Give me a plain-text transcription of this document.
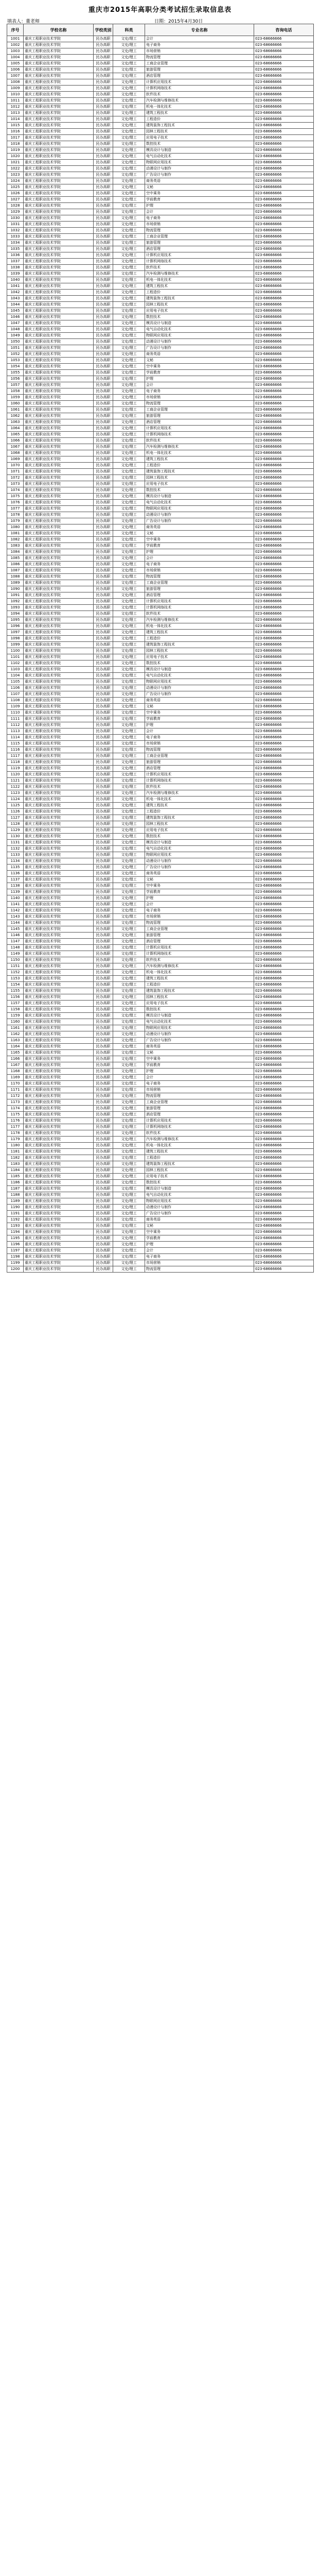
重庆市2015年高职分类考试招生录取信息表
填表人：董老师	日期：2015年4月30日
序号	学校名称	学校类别	科类	专业名称	咨询电话
1001	重庆工程职业技术学院	民办高职	文史/理工	会计	023-68666666
1002	重庆工程职业技术学院	民办高职	文史/理工	电子商务	023-68666666
1003	重庆工程职业技术学院	民办高职	文史/理工	市场营销	023-68666666
1004	重庆工程职业技术学院	民办高职	文史/理工	物流管理	023-68666666
1005	重庆工程职业技术学院	民办高职	文史/理工	工商企业管理	023-68666666
1006	重庆工程职业技术学院	民办高职	文史/理工	旅游管理	023-68666666
1007	重庆工程职业技术学院	民办高职	文史/理工	酒店管理	023-68666666
1008	重庆工程职业技术学院	民办高职	文史/理工	计算机应用技术	023-68666666
1009	重庆工程职业技术学院	民办高职	文史/理工	计算机网络技术	023-68666666
1010	重庆工程职业技术学院	民办高职	文史/理工	软件技术	023-68666666
1011	重庆工程职业技术学院	民办高职	文史/理工	汽车检测与维修技术	023-68666666
1012	重庆工程职业技术学院	民办高职	文史/理工	机电一体化技术	023-68666666
1013	重庆工程职业技术学院	民办高职	文史/理工	建筑工程技术	023-68666666
1014	重庆工程职业技术学院	民办高职	文史/理工	工程造价	023-68666666
1015	重庆工程职业技术学院	民办高职	文史/理工	建筑装饰工程技术	023-68666666
1016	重庆工程职业技术学院	民办高职	文史/理工	园林工程技术	023-68666666
1017	重庆工程职业技术学院	民办高职	文史/理工	应用电子技术	023-68666666
1018	重庆工程职业技术学院	民办高职	文史/理工	数控技术	023-68666666
1019	重庆工程职业技术学院	民办高职	文史/理工	模具设计与制造	023-68666666
1020	重庆工程职业技术学院	民办高职	文史/理工	电气自动化技术	023-68666666
1021	重庆工程职业技术学院	民办高职	文史/理工	物联网应用技术	023-68666666
1022	重庆工程职业技术学院	民办高职	文史/理工	动漫设计与制作	023-68666666
1023	重庆工程职业技术学院	民办高职	文史/理工	广告设计与制作	023-68666666
1024	重庆工程职业技术学院	民办高职	文史/理工	商务英语	023-68666666
1025	重庆工程职业技术学院	民办高职	文史/理工	文秘	023-68666666
1026	重庆工程职业技术学院	民办高职	文史/理工	空中乘务	023-68666666
1027	重庆工程职业技术学院	民办高职	文史/理工	学前教育	023-68666666
1028	重庆工程职业技术学院	民办高职	文史/理工	护理	023-68666666
1029	重庆工程职业技术学院	民办高职	文史/理工	会计	023-68666666
1030	重庆工程职业技术学院	民办高职	文史/理工	电子商务	023-68666666
1031	重庆工程职业技术学院	民办高职	文史/理工	市场营销	023-68666666
1032	重庆工程职业技术学院	民办高职	文史/理工	物流管理	023-68666666
1033	重庆工程职业技术学院	民办高职	文史/理工	工商企业管理	023-68666666
1034	重庆工程职业技术学院	民办高职	文史/理工	旅游管理	023-68666666
1035	重庆工程职业技术学院	民办高职	文史/理工	酒店管理	023-68666666
1036	重庆工程职业技术学院	民办高职	文史/理工	计算机应用技术	023-68666666
1037	重庆工程职业技术学院	民办高职	文史/理工	计算机网络技术	023-68666666
1038	重庆工程职业技术学院	民办高职	文史/理工	软件技术	023-68666666
1039	重庆工程职业技术学院	民办高职	文史/理工	汽车检测与维修技术	023-68666666
1040	重庆工程职业技术学院	民办高职	文史/理工	机电一体化技术	023-68666666
1041	重庆工程职业技术学院	民办高职	文史/理工	建筑工程技术	023-68666666
1042	重庆工程职业技术学院	民办高职	文史/理工	工程造价	023-68666666
1043	重庆工程职业技术学院	民办高职	文史/理工	建筑装饰工程技术	023-68666666
1044	重庆工程职业技术学院	民办高职	文史/理工	园林工程技术	023-68666666
1045	重庆工程职业技术学院	民办高职	文史/理工	应用电子技术	023-68666666
1046	重庆工程职业技术学院	民办高职	文史/理工	数控技术	023-68666666
1047	重庆工程职业技术学院	民办高职	文史/理工	模具设计与制造	023-68666666
1048	重庆工程职业技术学院	民办高职	文史/理工	电气自动化技术	023-68666666
1049	重庆工程职业技术学院	民办高职	文史/理工	物联网应用技术	023-68666666
1050	重庆工程职业技术学院	民办高职	文史/理工	动漫设计与制作	023-68666666
1051	重庆工程职业技术学院	民办高职	文史/理工	广告设计与制作	023-68666666
1052	重庆工程职业技术学院	民办高职	文史/理工	商务英语	023-68666666
1053	重庆工程职业技术学院	民办高职	文史/理工	文秘	023-68666666
1054	重庆工程职业技术学院	民办高职	文史/理工	空中乘务	023-68666666
1055	重庆工程职业技术学院	民办高职	文史/理工	学前教育	023-68666666
1056	重庆工程职业技术学院	民办高职	文史/理工	护理	023-68666666
1057	重庆工程职业技术学院	民办高职	文史/理工	会计	023-68666666
1058	重庆工程职业技术学院	民办高职	文史/理工	电子商务	023-68666666
1059	重庆工程职业技术学院	民办高职	文史/理工	市场营销	023-68666666
1060	重庆工程职业技术学院	民办高职	文史/理工	物流管理	023-68666666
1061	重庆工程职业技术学院	民办高职	文史/理工	工商企业管理	023-68666666
1062	重庆工程职业技术学院	民办高职	文史/理工	旅游管理	023-68666666
1063	重庆工程职业技术学院	民办高职	文史/理工	酒店管理	023-68666666
1064	重庆工程职业技术学院	民办高职	文史/理工	计算机应用技术	023-68666666
1065	重庆工程职业技术学院	民办高职	文史/理工	计算机网络技术	023-68666666
1066	重庆工程职业技术学院	民办高职	文史/理工	软件技术	023-68666666
1067	重庆工程职业技术学院	民办高职	文史/理工	汽车检测与维修技术	023-68666666
1068	重庆工程职业技术学院	民办高职	文史/理工	机电一体化技术	023-68666666
1069	重庆工程职业技术学院	民办高职	文史/理工	建筑工程技术	023-68666666
1070	重庆工程职业技术学院	民办高职	文史/理工	工程造价	023-68666666
1071	重庆工程职业技术学院	民办高职	文史/理工	建筑装饰工程技术	023-68666666
1072	重庆工程职业技术学院	民办高职	文史/理工	园林工程技术	023-68666666
1073	重庆工程职业技术学院	民办高职	文史/理工	应用电子技术	023-68666666
1074	重庆工程职业技术学院	民办高职	文史/理工	数控技术	023-68666666
1075	重庆工程职业技术学院	民办高职	文史/理工	模具设计与制造	023-68666666
1076	重庆工程职业技术学院	民办高职	文史/理工	电气自动化技术	023-68666666
1077	重庆工程职业技术学院	民办高职	文史/理工	物联网应用技术	023-68666666
1078	重庆工程职业技术学院	民办高职	文史/理工	动漫设计与制作	023-68666666
1079	重庆工程职业技术学院	民办高职	文史/理工	广告设计与制作	023-68666666
1080	重庆工程职业技术学院	民办高职	文史/理工	商务英语	023-68666666
1081	重庆工程职业技术学院	民办高职	文史/理工	文秘	023-68666666
1082	重庆工程职业技术学院	民办高职	文史/理工	空中乘务	023-68666666
1083	重庆工程职业技术学院	民办高职	文史/理工	学前教育	023-68666666
1084	重庆工程职业技术学院	民办高职	文史/理工	护理	023-68666666
1085	重庆工程职业技术学院	民办高职	文史/理工	会计	023-68666666
1086	重庆工程职业技术学院	民办高职	文史/理工	电子商务	023-68666666
1087	重庆工程职业技术学院	民办高职	文史/理工	市场营销	023-68666666
1088	重庆工程职业技术学院	民办高职	文史/理工	物流管理	023-68666666
1089	重庆工程职业技术学院	民办高职	文史/理工	工商企业管理	023-68666666
1090	重庆工程职业技术学院	民办高职	文史/理工	旅游管理	023-68666666
1091	重庆工程职业技术学院	民办高职	文史/理工	酒店管理	023-68666666
1092	重庆工程职业技术学院	民办高职	文史/理工	计算机应用技术	023-68666666
1093	重庆工程职业技术学院	民办高职	文史/理工	计算机网络技术	023-68666666
1094	重庆工程职业技术学院	民办高职	文史/理工	软件技术	023-68666666
1095	重庆工程职业技术学院	民办高职	文史/理工	汽车检测与维修技术	023-68666666
1096	重庆工程职业技术学院	民办高职	文史/理工	机电一体化技术	023-68666666
1097	重庆工程职业技术学院	民办高职	文史/理工	建筑工程技术	023-68666666
1098	重庆工程职业技术学院	民办高职	文史/理工	工程造价	023-68666666
1099	重庆工程职业技术学院	民办高职	文史/理工	建筑装饰工程技术	023-68666666
1100	重庆工程职业技术学院	民办高职	文史/理工	园林工程技术	023-68666666
1101	重庆工程职业技术学院	民办高职	文史/理工	应用电子技术	023-68666666
1102	重庆工程职业技术学院	民办高职	文史/理工	数控技术	023-68666666
1103	重庆工程职业技术学院	民办高职	文史/理工	模具设计与制造	023-68666666
1104	重庆工程职业技术学院	民办高职	文史/理工	电气自动化技术	023-68666666
1105	重庆工程职业技术学院	民办高职	文史/理工	物联网应用技术	023-68666666
1106	重庆工程职业技术学院	民办高职	文史/理工	动漫设计与制作	023-68666666
1107	重庆工程职业技术学院	民办高职	文史/理工	广告设计与制作	023-68666666
1108	重庆工程职业技术学院	民办高职	文史/理工	商务英语	023-68666666
1109	重庆工程职业技术学院	民办高职	文史/理工	文秘	023-68666666
1110	重庆工程职业技术学院	民办高职	文史/理工	空中乘务	023-68666666
1111	重庆工程职业技术学院	民办高职	文史/理工	学前教育	023-68666666
1112	重庆工程职业技术学院	民办高职	文史/理工	护理	023-68666666
1113	重庆工程职业技术学院	民办高职	文史/理工	会计	023-68666666
1114	重庆工程职业技术学院	民办高职	文史/理工	电子商务	023-68666666
1115	重庆工程职业技术学院	民办高职	文史/理工	市场营销	023-68666666
1116	重庆工程职业技术学院	民办高职	文史/理工	物流管理	023-68666666
1117	重庆工程职业技术学院	民办高职	文史/理工	工商企业管理	023-68666666
1118	重庆工程职业技术学院	民办高职	文史/理工	旅游管理	023-68666666
1119	重庆工程职业技术学院	民办高职	文史/理工	酒店管理	023-68666666
1120	重庆工程职业技术学院	民办高职	文史/理工	计算机应用技术	023-68666666
1121	重庆工程职业技术学院	民办高职	文史/理工	计算机网络技术	023-68666666
1122	重庆工程职业技术学院	民办高职	文史/理工	软件技术	023-68666666
1123	重庆工程职业技术学院	民办高职	文史/理工	汽车检测与维修技术	023-68666666
1124	重庆工程职业技术学院	民办高职	文史/理工	机电一体化技术	023-68666666
1125	重庆工程职业技术学院	民办高职	文史/理工	建筑工程技术	023-68666666
1126	重庆工程职业技术学院	民办高职	文史/理工	工程造价	023-68666666
1127	重庆工程职业技术学院	民办高职	文史/理工	建筑装饰工程技术	023-68666666
1128	重庆工程职业技术学院	民办高职	文史/理工	园林工程技术	023-68666666
1129	重庆工程职业技术学院	民办高职	文史/理工	应用电子技术	023-68666666
1130	重庆工程职业技术学院	民办高职	文史/理工	数控技术	023-68666666
1131	重庆工程职业技术学院	民办高职	文史/理工	模具设计与制造	023-68666666
1132	重庆工程职业技术学院	民办高职	文史/理工	电气自动化技术	023-68666666
1133	重庆工程职业技术学院	民办高职	文史/理工	物联网应用技术	023-68666666
1134	重庆工程职业技术学院	民办高职	文史/理工	动漫设计与制作	023-68666666
1135	重庆工程职业技术学院	民办高职	文史/理工	广告设计与制作	023-68666666
1136	重庆工程职业技术学院	民办高职	文史/理工	商务英语	023-68666666
1137	重庆工程职业技术学院	民办高职	文史/理工	文秘	023-68666666
1138	重庆工程职业技术学院	民办高职	文史/理工	空中乘务	023-68666666
1139	重庆工程职业技术学院	民办高职	文史/理工	学前教育	023-68666666
1140	重庆工程职业技术学院	民办高职	文史/理工	护理	023-68666666
1141	重庆工程职业技术学院	民办高职	文史/理工	会计	023-68666666
1142	重庆工程职业技术学院	民办高职	文史/理工	电子商务	023-68666666
1143	重庆工程职业技术学院	民办高职	文史/理工	市场营销	023-68666666
1144	重庆工程职业技术学院	民办高职	文史/理工	物流管理	023-68666666
1145	重庆工程职业技术学院	民办高职	文史/理工	工商企业管理	023-68666666
1146	重庆工程职业技术学院	民办高职	文史/理工	旅游管理	023-68666666
1147	重庆工程职业技术学院	民办高职	文史/理工	酒店管理	023-68666666
1148	重庆工程职业技术学院	民办高职	文史/理工	计算机应用技术	023-68666666
1149	重庆工程职业技术学院	民办高职	文史/理工	计算机网络技术	023-68666666
1150	重庆工程职业技术学院	民办高职	文史/理工	软件技术	023-68666666
1151	重庆工程职业技术学院	民办高职	文史/理工	汽车检测与维修技术	023-68666666
1152	重庆工程职业技术学院	民办高职	文史/理工	机电一体化技术	023-68666666
1153	重庆工程职业技术学院	民办高职	文史/理工	建筑工程技术	023-68666666
1154	重庆工程职业技术学院	民办高职	文史/理工	工程造价	023-68666666
1155	重庆工程职业技术学院	民办高职	文史/理工	建筑装饰工程技术	023-68666666
1156	重庆工程职业技术学院	民办高职	文史/理工	园林工程技术	023-68666666
1157	重庆工程职业技术学院	民办高职	文史/理工	应用电子技术	023-68666666
1158	重庆工程职业技术学院	民办高职	文史/理工	数控技术	023-68666666
1159	重庆工程职业技术学院	民办高职	文史/理工	模具设计与制造	023-68666666
1160	重庆工程职业技术学院	民办高职	文史/理工	电气自动化技术	023-68666666
1161	重庆工程职业技术学院	民办高职	文史/理工	物联网应用技术	023-68666666
1162	重庆工程职业技术学院	民办高职	文史/理工	动漫设计与制作	023-68666666
1163	重庆工程职业技术学院	民办高职	文史/理工	广告设计与制作	023-68666666
1164	重庆工程职业技术学院	民办高职	文史/理工	商务英语	023-68666666
1165	重庆工程职业技术学院	民办高职	文史/理工	文秘	023-68666666
1166	重庆工程职业技术学院	民办高职	文史/理工	空中乘务	023-68666666
1167	重庆工程职业技术学院	民办高职	文史/理工	学前教育	023-68666666
1168	重庆工程职业技术学院	民办高职	文史/理工	护理	023-68666666
1169	重庆工程职业技术学院	民办高职	文史/理工	会计	023-68666666
1170	重庆工程职业技术学院	民办高职	文史/理工	电子商务	023-68666666
1171	重庆工程职业技术学院	民办高职	文史/理工	市场营销	023-68666666
1172	重庆工程职业技术学院	民办高职	文史/理工	物流管理	023-68666666
1173	重庆工程职业技术学院	民办高职	文史/理工	工商企业管理	023-68666666
1174	重庆工程职业技术学院	民办高职	文史/理工	旅游管理	023-68666666
1175	重庆工程职业技术学院	民办高职	文史/理工	酒店管理	023-68666666
1176	重庆工程职业技术学院	民办高职	文史/理工	计算机应用技术	023-68666666
1177	重庆工程职业技术学院	民办高职	文史/理工	计算机网络技术	023-68666666
1178	重庆工程职业技术学院	民办高职	文史/理工	软件技术	023-68666666
1179	重庆工程职业技术学院	民办高职	文史/理工	汽车检测与维修技术	023-68666666
1180	重庆工程职业技术学院	民办高职	文史/理工	机电一体化技术	023-68666666
1181	重庆工程职业技术学院	民办高职	文史/理工	建筑工程技术	023-68666666
1182	重庆工程职业技术学院	民办高职	文史/理工	工程造价	023-68666666
1183	重庆工程职业技术学院	民办高职	文史/理工	建筑装饰工程技术	023-68666666
1184	重庆工程职业技术学院	民办高职	文史/理工	园林工程技术	023-68666666
1185	重庆工程职业技术学院	民办高职	文史/理工	应用电子技术	023-68666666
1186	重庆工程职业技术学院	民办高职	文史/理工	数控技术	023-68666666
1187	重庆工程职业技术学院	民办高职	文史/理工	模具设计与制造	023-68666666
1188	重庆工程职业技术学院	民办高职	文史/理工	电气自动化技术	023-68666666
1189	重庆工程职业技术学院	民办高职	文史/理工	物联网应用技术	023-68666666
1190	重庆工程职业技术学院	民办高职	文史/理工	动漫设计与制作	023-68666666
1191	重庆工程职业技术学院	民办高职	文史/理工	广告设计与制作	023-68666666
1192	重庆工程职业技术学院	民办高职	文史/理工	商务英语	023-68666666
1193	重庆工程职业技术学院	民办高职	文史/理工	文秘	023-68666666
1194	重庆工程职业技术学院	民办高职	文史/理工	空中乘务	023-68666666
1195	重庆工程职业技术学院	民办高职	文史/理工	学前教育	023-68666666
1196	重庆工程职业技术学院	民办高职	文史/理工	护理	023-68666666
1197	重庆工程职业技术学院	民办高职	文史/理工	会计	023-68666666
1198	重庆工程职业技术学院	民办高职	文史/理工	电子商务	023-68666666
1199	重庆工程职业技术学院	民办高职	文史/理工	市场营销	023-68666666
1200	重庆工程职业技术学院	民办高职	文史/理工	物流管理	023-68666666
